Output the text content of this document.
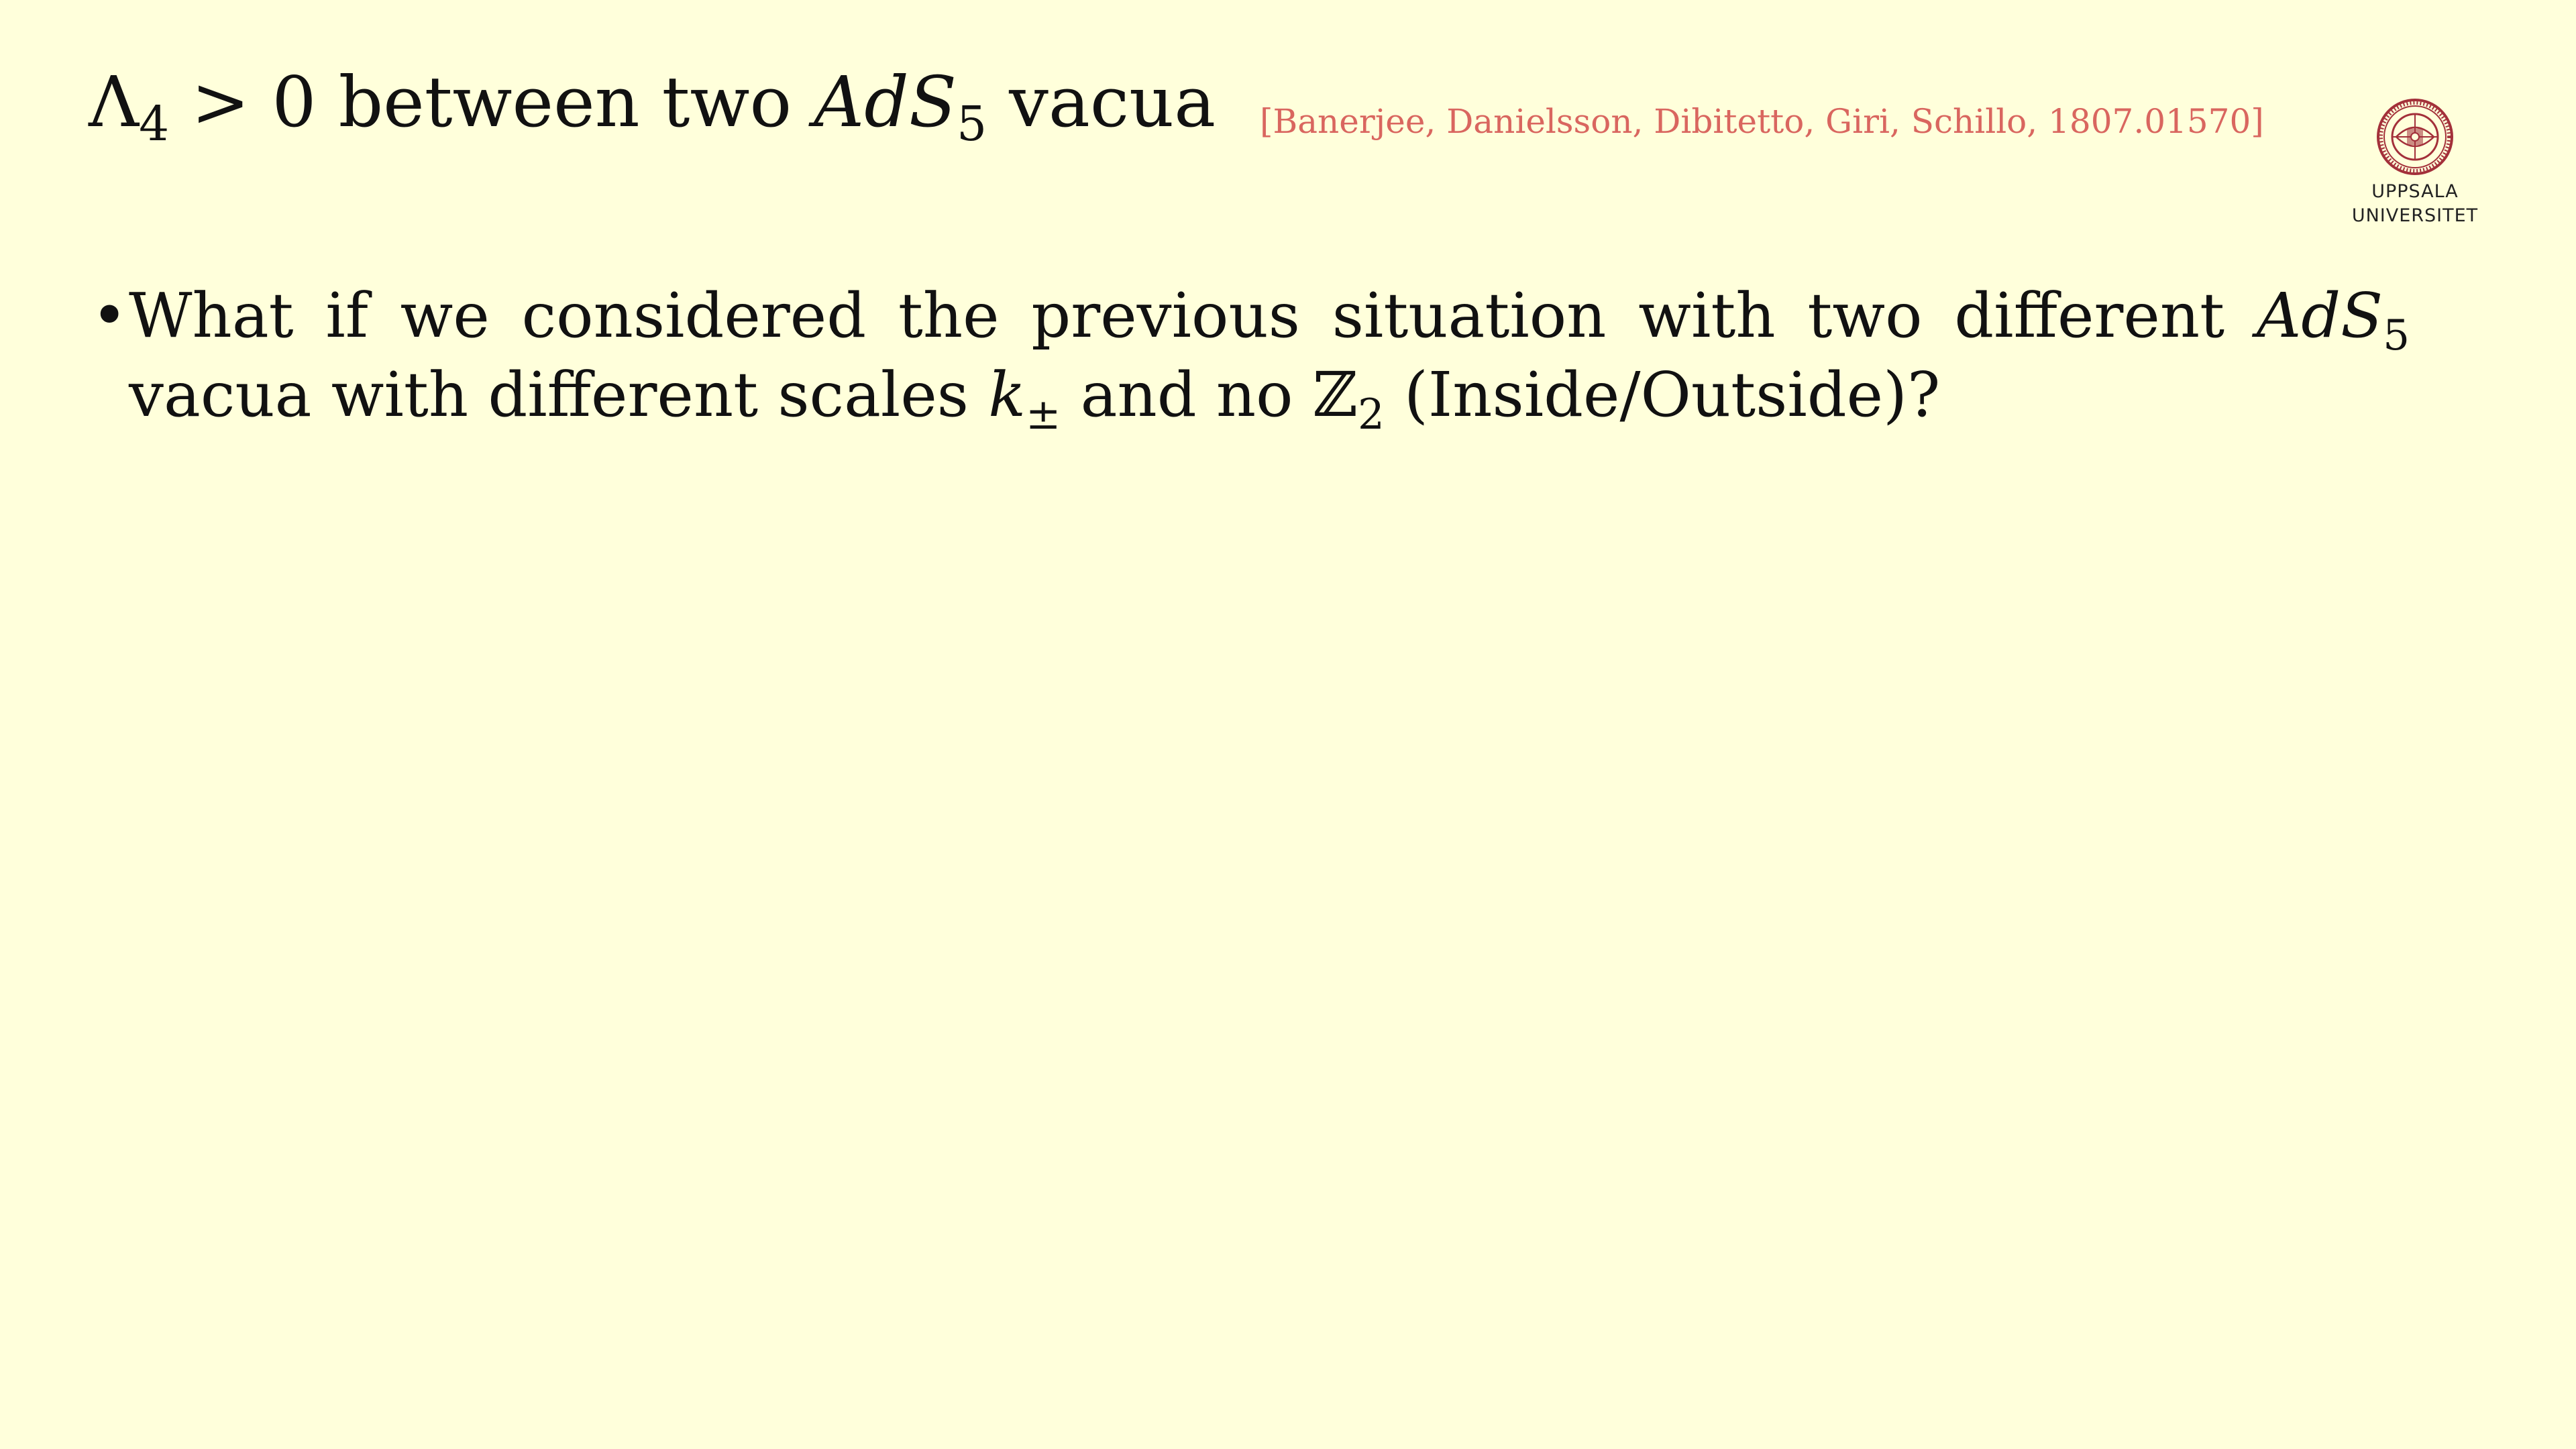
$\Lambda_4 > 0$ between two AdS$_5$ vacua [Banerjee, Danielsson, Dibitetto, Giri, Schillo, 1807.01570]
UPPSALA
UNIVERSITET
• What if we considered the previous situation with two different AdS$_5$ vacua with different scales $k_\pm$ and no ℤ$_2$ (Inside/Outside)?
